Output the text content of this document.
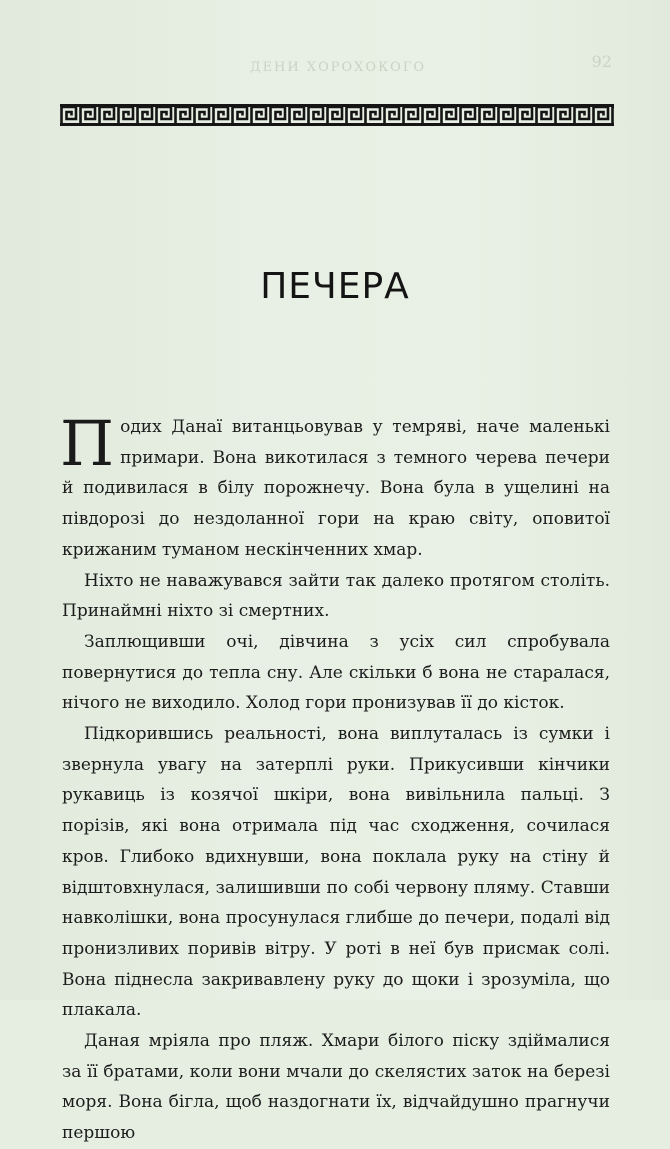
ДЕНИ ХОРОХОКОГО	92
ПЕЧЕРА

Подих Данаї витанцьовував у темряві, наче маленькі примари. Вона викотилася з темного черева печери й подивилася в білу порожнечу. Вона була в ущелині на півдорозі до нездоланної гори на краю світу, оповитої крижаним туманом нескінченних хмар.

Ніхто не наважувався зайти так далеко протягом століть. Принаймні ніхто зі смертних.

Заплющивши очі, дівчина з усіх сил спробувала повернутися до тепла сну. Але скільки б вона не старалася, нічого не виходило. Холод гори пронизував її до кісток.

Підкорившись реальності, вона виплуталась із сумки і звернула увагу на затерплі руки. Прикусивши кінчики рукавиць із козячої шкіри, вона вивільнила пальці. З порізів, які вона отримала під час сходження, сочилася кров. Глибоко вдихнувши, вона поклала руку на стіну й відштовхнулася, залишивши по собі червону пляму. Ставши навколішки, вона просунулася глибше до печери, подалі від пронизливих поривів вітру. У роті в неї був присмак солі. Вона піднесла закривавлену руку до щоки і зрозуміла, що плакала.

Даная мріяла про пляж. Хмари білого піску здіймалися за її братами, коли вони мчали до скелястих заток на березі моря. Вона бігла, щоб наздогнати їх, відчайдушно прагнучи першою
